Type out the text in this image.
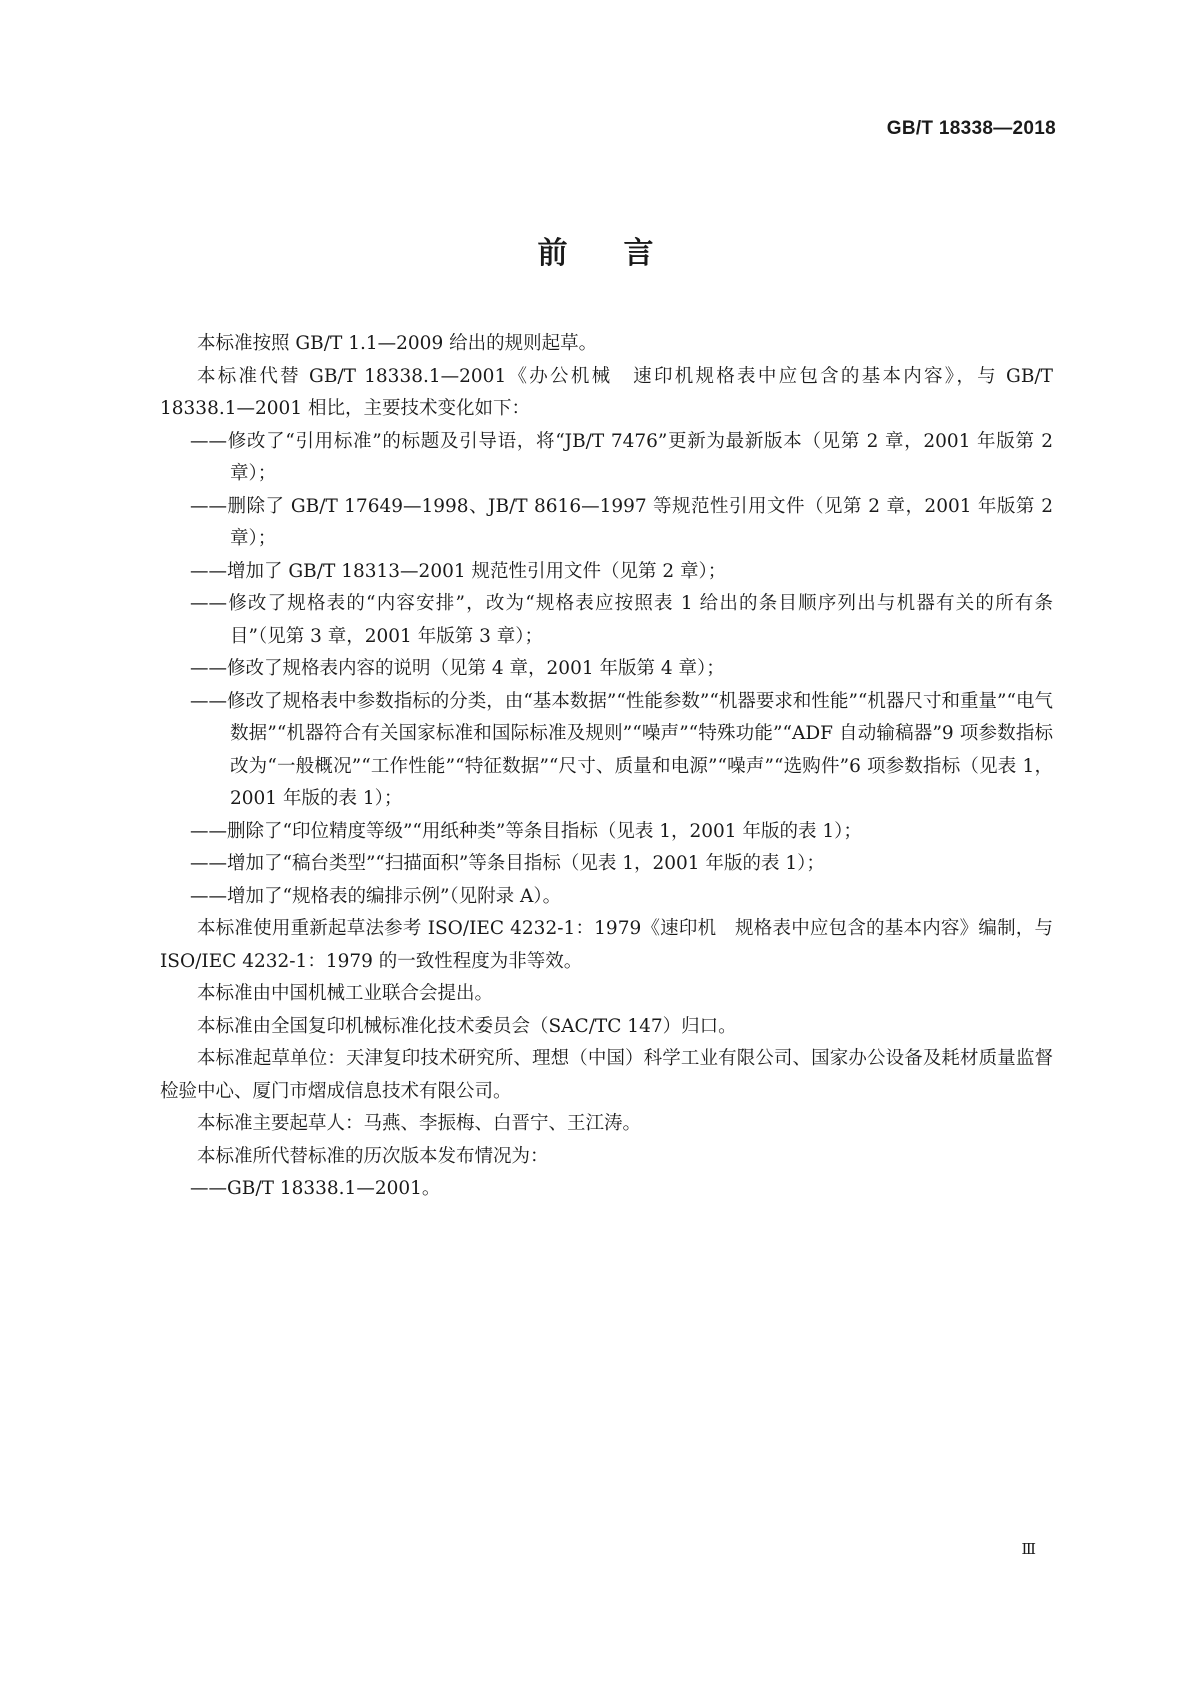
GB/T 18338—2018
前言

本标准按照 GB/T 1.1—2009 给出的规则起草。

本标准代替 GB/T 18338.1—2001《办公机械　速印机规格表中应包含的基本内容》，与 GB/T 18338.1—2001 相比，主要技术变化如下：

——修改了“引用标准”的标题及引导语，将“JB/T 7476”更新为最新版本（见第 2 章，2001 年版第 2 章）；

——删除了 GB/T 17649—1998、JB/T 8616—1997 等规范性引用文件（见第 2 章，2001 年版第 2 章）；

——增加了 GB/T 18313—2001 规范性引用文件（见第 2 章）；

——修改了规格表的“内容安排”，改为“规格表应按照表 1 给出的条目顺序列出与机器有关的所有条目”（见第 3 章，2001 年版第 3 章）；

——修改了规格表内容的说明（见第 4 章，2001 年版第 4 章）；

——修改了规格表中参数指标的分类，由“基本数据”“性能参数”“机器要求和性能”“机器尺寸和重量”“电气数据”“机器符合有关国家标准和国际标准及规则”“噪声”“特殊功能”“ADF 自动输稿器”9 项参数指标改为“一般概况”“工作性能”“特征数据”“尺寸、质量和电源”“噪声”“选购件”6 项参数指标（见表 1，2001 年版的表 1）；

——删除了“印位精度等级”“用纸种类”等条目指标（见表 1，2001 年版的表 1）；

——增加了“稿台类型”“扫描面积”等条目指标（见表 1，2001 年版的表 1）；

——增加了“规格表的编排示例”（见附录 A）。

本标准使用重新起草法参考 ISO/IEC 4232-1：1979《速印机　规格表中应包含的基本内容》编制，与 ISO/IEC 4232-1：1979 的一致性程度为非等效。

本标准由中国机械工业联合会提出。

本标准由全国复印机械标准化技术委员会（SAC/TC 147）归口。

本标准起草单位：天津复印技术研究所、理想（中国）科学工业有限公司、国家办公设备及耗材质量监督检验中心、厦门市熠成信息技术有限公司。

本标准主要起草人：马燕、李振梅、白晋宁、王江涛。

本标准所代替标准的历次版本发布情况为：

——GB/T 18338.1—2001。

Ⅲ
